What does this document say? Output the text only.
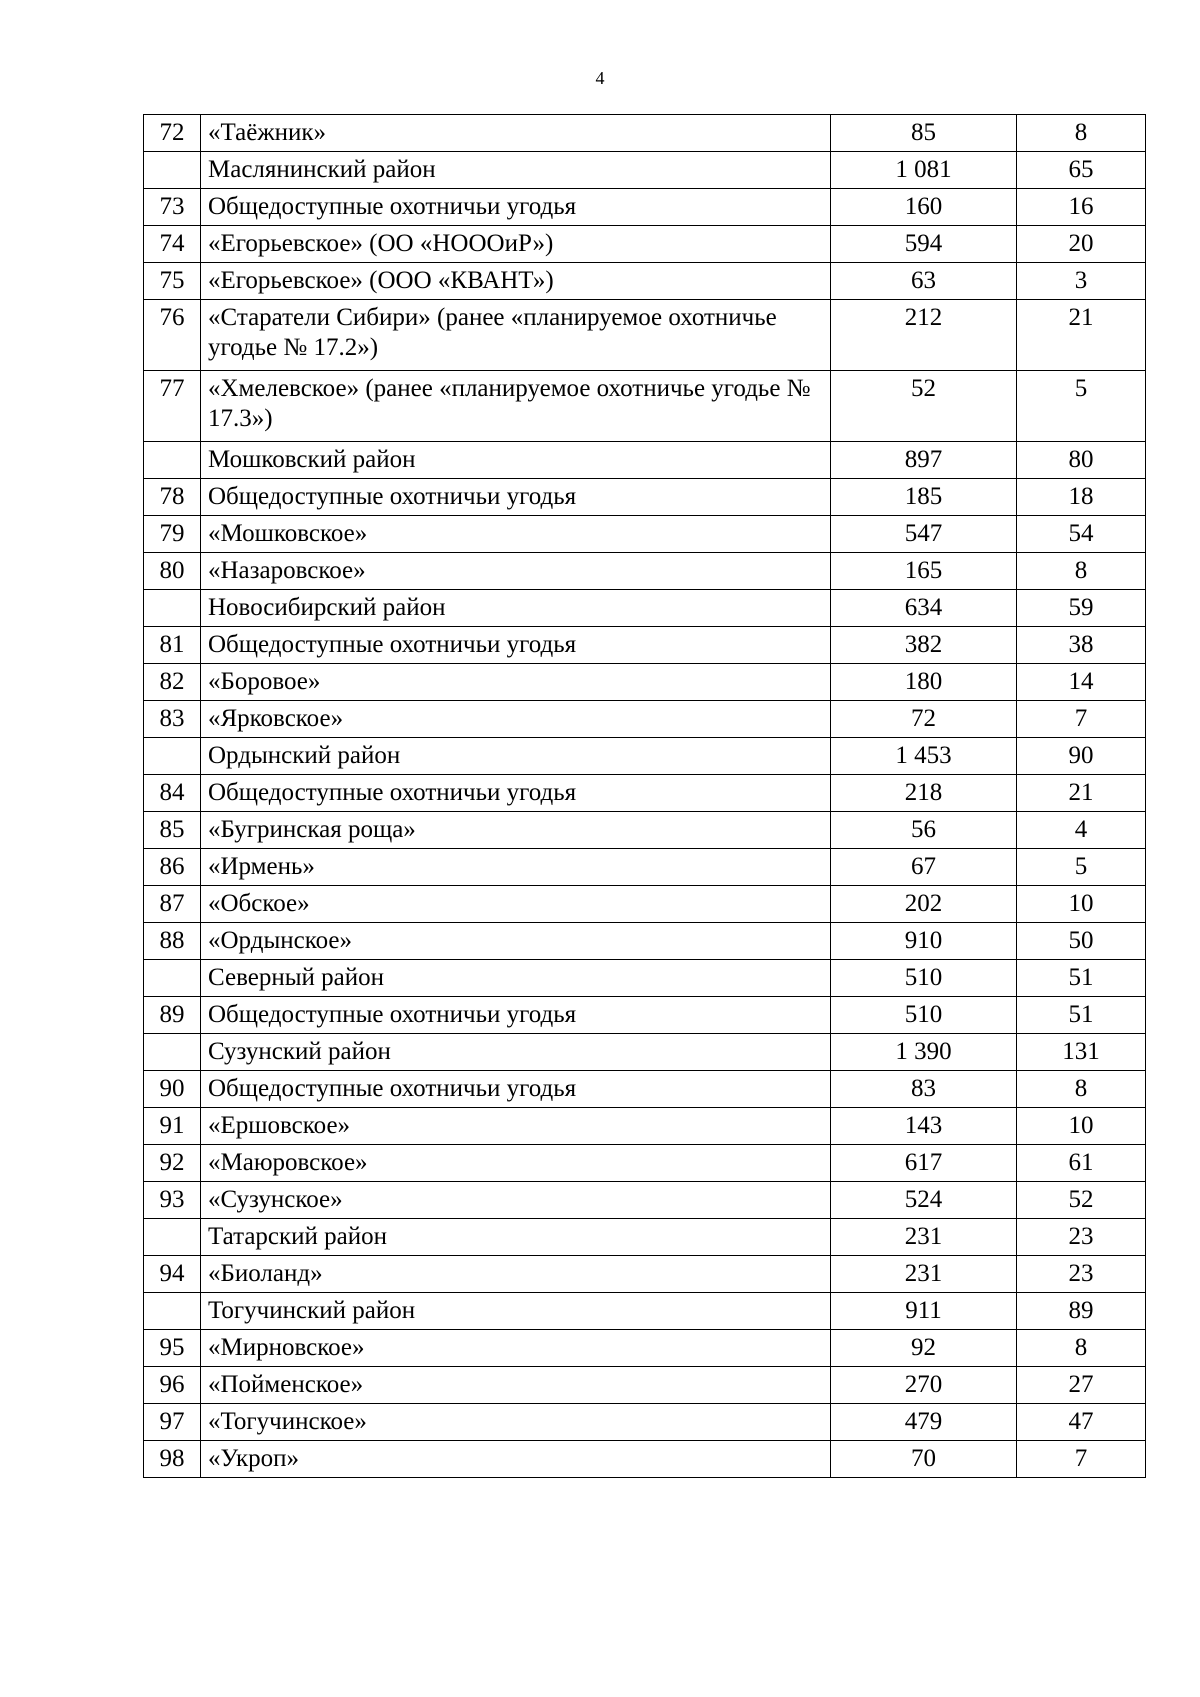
4
72	«Таёжник»	85	8
	Маслянинский район	1 081	65
73	Общедоступные охотничьи угодья	160	16
74	«Егорьевское» (ОО «НОООиР»)	594	20
75	«Егорьевское» (ООО «КВАНТ»)	63	3
76	«Старатели Сибири» (ранее «планируемое охотничье угодье № 17.2»)	212	21
77	«Хмелевское» (ранее «планируемое охотничье угодье № 17.3»)	52	5
	Мошковский район	897	80
78	Общедоступные охотничьи угодья	185	18
79	«Мошковское»	547	54
80	«Назаровское»	165	8
	Новосибирский район	634	59
81	Общедоступные охотничьи угодья	382	38
82	«Боровое»	180	14
83	«Ярковское»	72	7
	Ордынский район	1 453	90
84	Общедоступные охотничьи угодья	218	21
85	«Бугринская роща»	56	4
86	«Ирмень»	67	5
87	«Обское»	202	10
88	«Ордынское»	910	50
	Северный район	510	51
89	Общедоступные охотничьи угодья	510	51
	Сузунский район	1 390	131
90	Общедоступные охотничьи угодья	83	8
91	«Ершовское»	143	10
92	«Маюровское»	617	61
93	«Сузунское»	524	52
	Татарский район	231	23
94	«Биоланд»	231	23
	Тогучинский район	911	89
95	«Мирновское»	92	8
96	«Пойменское»	270	27
97	«Тогучинское»	479	47
98	«Укроп»	70	7
